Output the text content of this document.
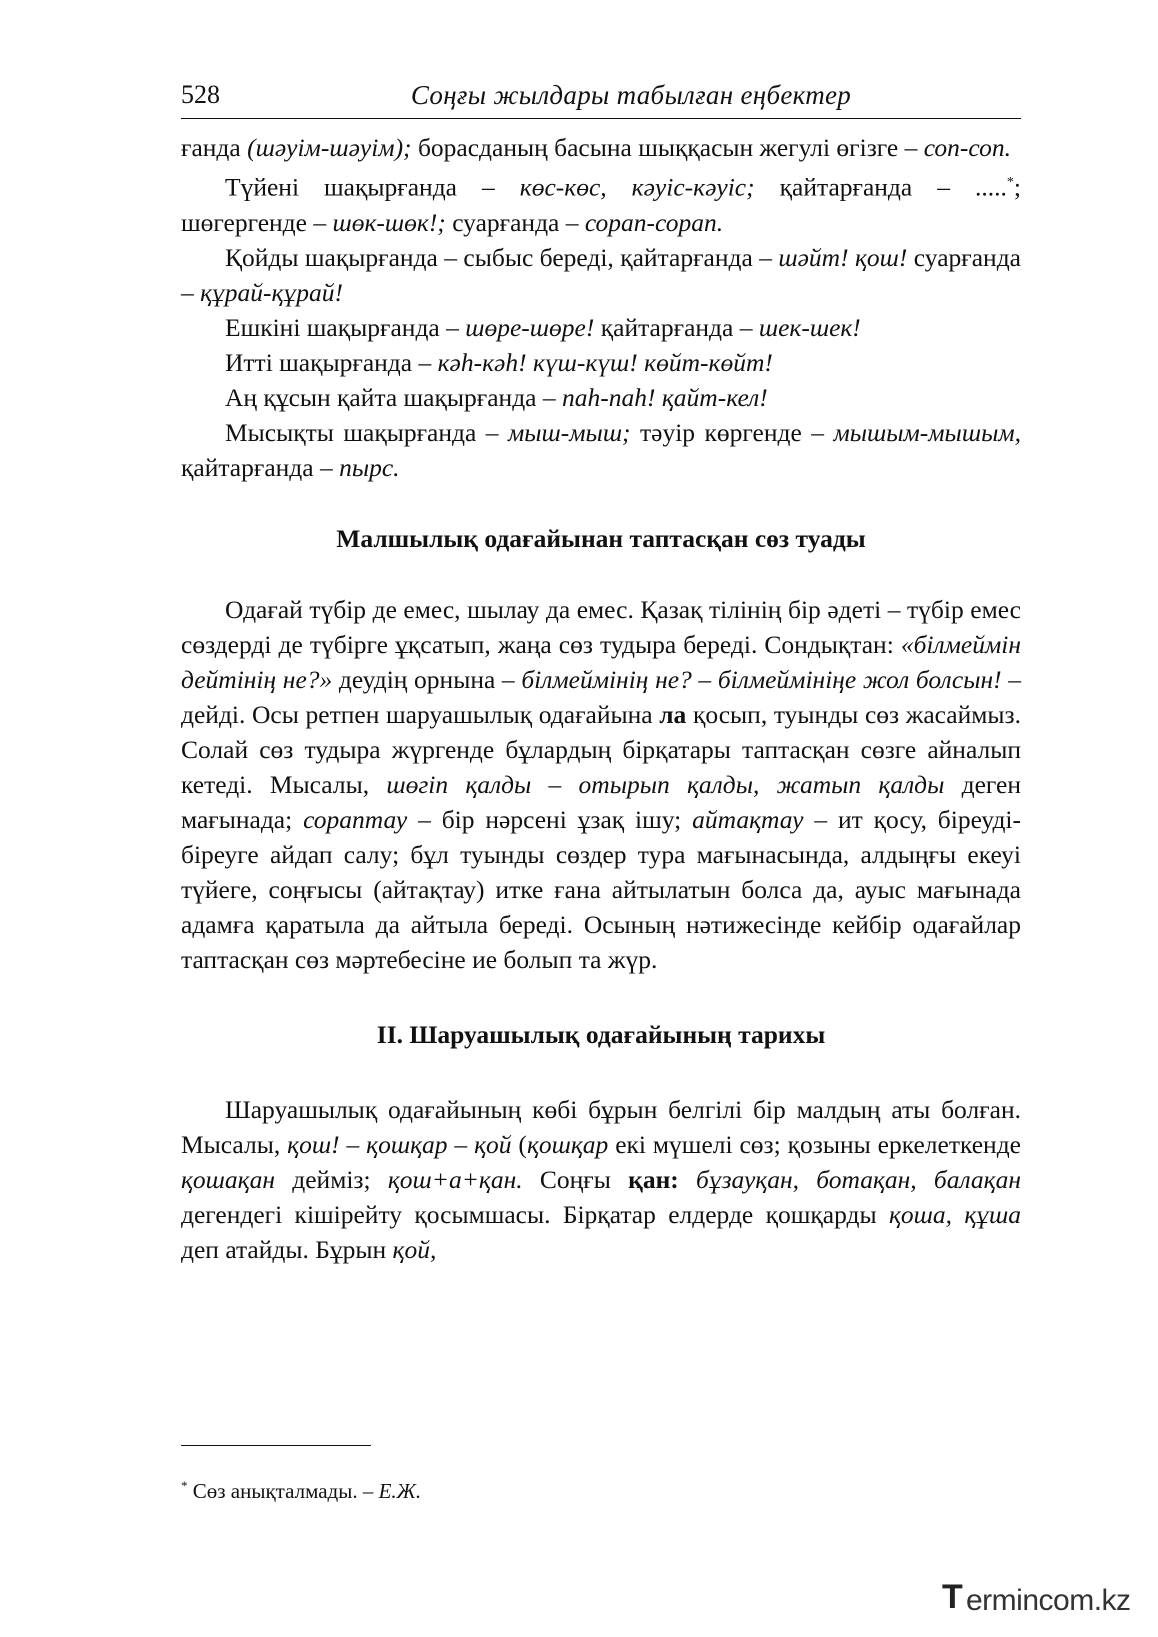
528	Соңғы жылдары табылған еңбектер

ғанда (шәуім-шәуім); борасданың басына шыққасын жегулі өгізге – соп-соп.

Түйені шақырғанда – көс-көс, кәуіс-кәуіс; қайтарғанда – .....*; шөгергенде – шөк-шөк!; суарғанда – сорап-сорап.

Қойды шақырғанда – сыбыс береді, қайтарғанда – шәйт! қош! суарғанда – құрай-құрай!

Ешкіні шақырғанда – шөре-шөре! қайтарғанда – шек-шек!

Итті шақырғанда – кәһ-кәһ! күш-күш! көйт-көйт!

Аң құсын қайта шақырғанда – паһ-паһ! қайт-кел!

Мысықты шақырғанда – мыш-мыш; тәуір көргенде – мышым-мышым, қайтарғанда – пырс.

Малшылық одағайынан таптасқан сөз туады

Одағай түбір де емес, шылау да емес. Қазақ тілінің бір әдеті – түбір емес сөздерді де түбірге ұқсатып, жаңа сөз тудыра береді. Сондықтан: «білмеймін дейтінің не?» деудің орнына – білмеймінің не? – білмеймініңе жол болсын! – дейді. Осы ретпен шаруашылық одағайына ла қосып, туынды сөз жасаймыз. Солай сөз тудыра жүргенде бұлардың бірқатары таптасқан сөзге айналып кетеді. Мысалы, шөгіп қалды – отырып қалды, жатып қалды деген мағынада; сораптау – бір нәрсені ұзақ ішу; айтақтау – ит қосу, біреуді-біреуге айдап салу; бұл туынды сөздер тура мағынасында, алдыңғы екеуі түйеге, соңғысы (айтақтау) итке ғана айтылатын болса да, ауыс мағынада адамға қаратыла да айтыла береді. Осының нәтижесінде кейбір одағайлар таптасқан сөз мәртебесіне ие болып та жүр.

II. Шаруашылық одағайының тарихы

Шаруашылық одағайының көбі бұрын белгілі бір малдың аты болған. Мысалы, қош! – қошқар – қой (қошқар екі мүшелі сөз; қозыны еркелеткенде қошақан дейміз; қош+а+қан. Соңғы қан: бұзауқан, ботақан, балақан дегендегі кішірейту қосымшасы. Бірқатар елдерде қошқарды қоша, құша деп атайды. Бұрын қой,

* Сөз анықталмады. – Е.Ж.
T ermincom.kz
